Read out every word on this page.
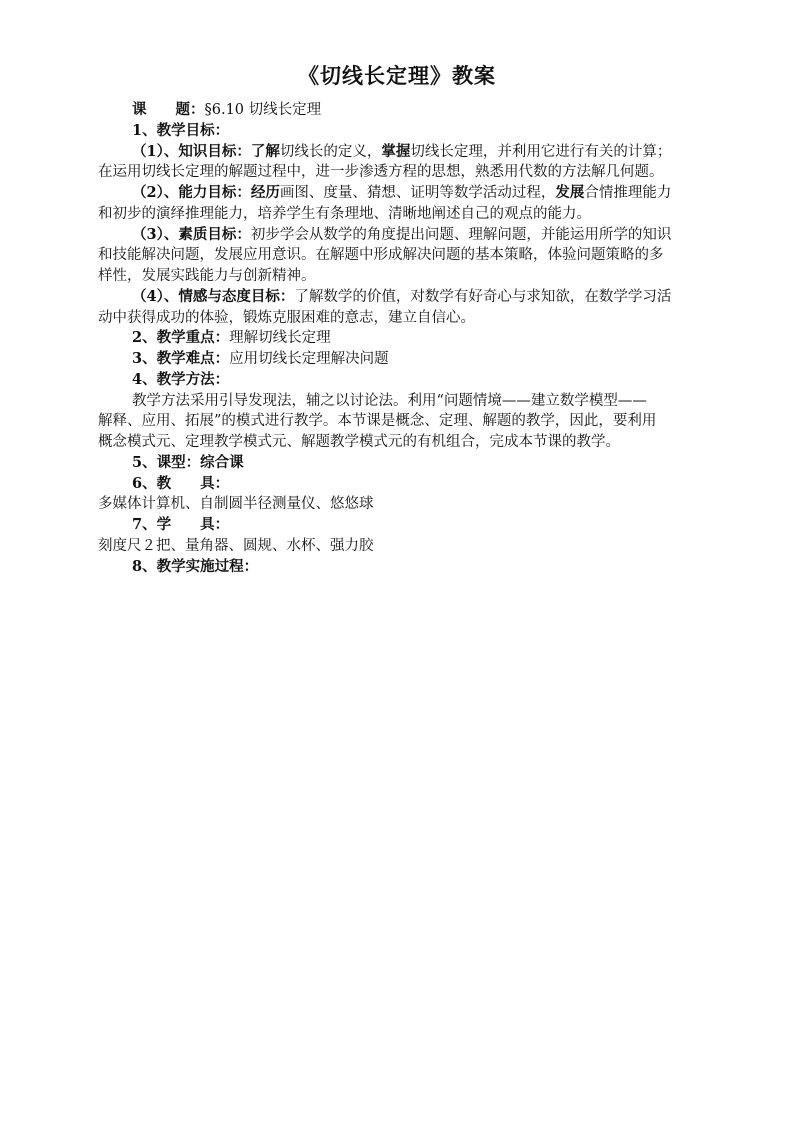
《切线长定理》教案
课　　题：§6.10 切线长定理
1、教学目标：
（1）、知识目标：了解切线长的定义，掌握切线长定理，并利用它进行有关的计算；
在运用切线长定理的解题过程中，进一步渗透方程的思想，熟悉用代数的方法解几何题。
（2）、能力目标：经历画图、度量、猜想、证明等数学活动过程，发展合情推理能力
和初步的演绎推理能力，培养学生有条理地、清晰地阐述自己的观点的能力。
（3）、素质目标：初步学会从数学的角度提出问题、理解问题，并能运用所学的知识
和技能解决问题，发展应用意识。在解题中形成解决问题的基本策略，体验问题策略的多
样性，发展实践能力与创新精神。
（4）、情感与态度目标：了解数学的价值，对数学有好奇心与求知欲，在数学学习活
动中获得成功的体验，锻炼克服困难的意志，建立自信心。
2、教学重点：理解切线长定理
3、教学难点：应用切线长定理解决问题
4、教学方法：
教学方法采用引导发现法，辅之以讨论法。利用“问题情境——建立数学模型——
解释、应用、拓展”的模式进行教学。本节课是概念、定理、解题的教学，因此，要利用
概念模式元、定理教学模式元、解题教学模式元的有机组合，完成本节课的教学。
5、课型：综合课
6、教　　具：
多媒体计算机、自制圆半径测量仪、悠悠球
7、学　　具：
刻度尺２把、量角器、圆规、水杯、强力胶
8、教学实施过程：
